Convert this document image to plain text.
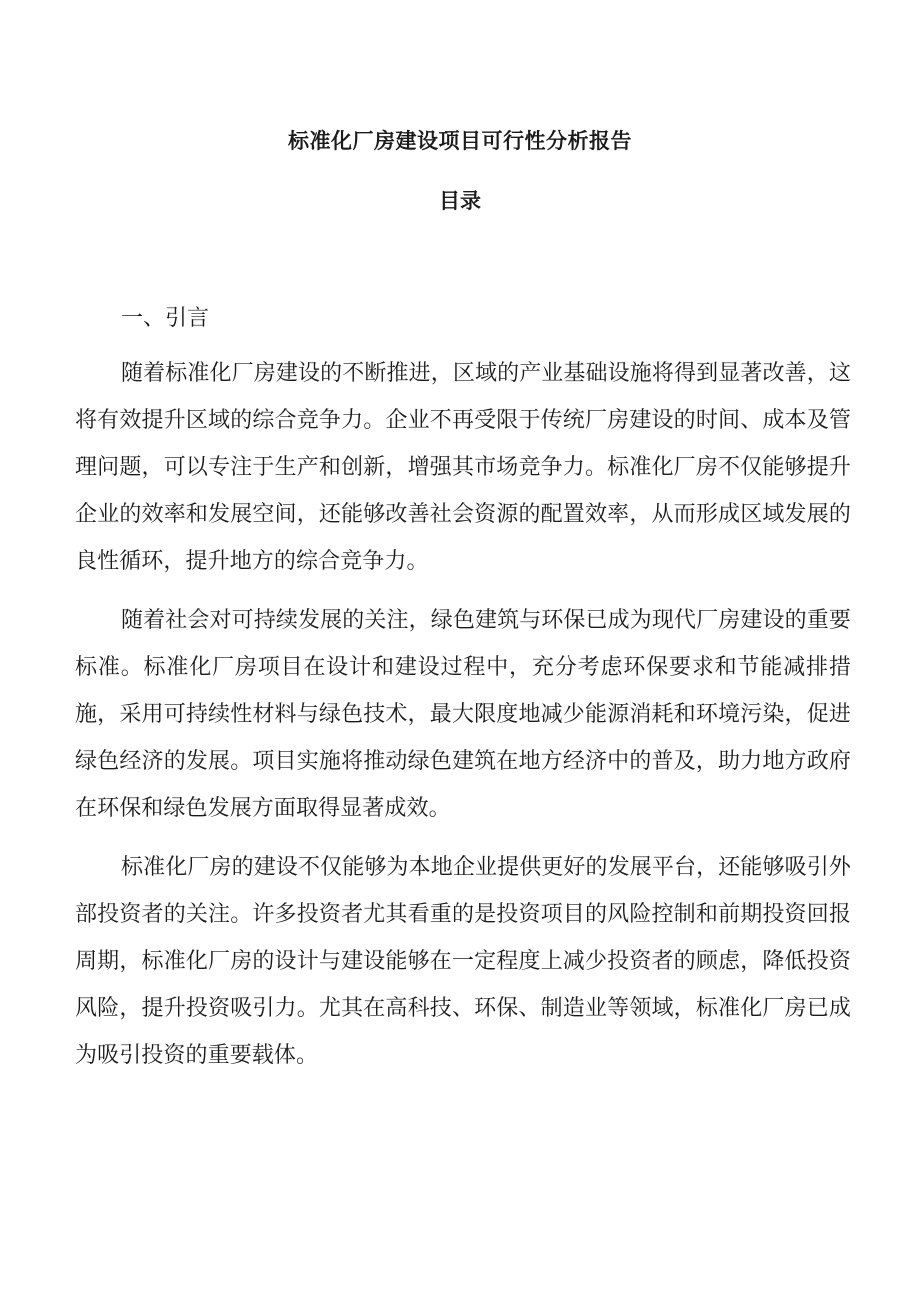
标准化厂房建设项目可行性分析报告
目录
一、引言

随着标准化厂房建设的不断推进，区域的产业基础设施将得到显著改善，这将有效提升区域的综合竞争力。企业不再受限于传统厂房建设的时间、成本及管理问题，可以专注于生产和创新，增强其市场竞争力。标准化厂房不仅能够提升企业的效率和发展空间，还能够改善社会资源的配置效率，从而形成区域发展的良性循环，提升地方的综合竞争力。

随着社会对可持续发展的关注，绿色建筑与环保已成为现代厂房建设的重要标准。标准化厂房项目在设计和建设过程中，充分考虑环保要求和节能减排措施，采用可持续性材料与绿色技术，最大限度地减少能源消耗和环境污染，促进绿色经济的发展。项目实施将推动绿色建筑在地方经济中的普及，助力地方政府在环保和绿色发展方面取得显著成效。

标准化厂房的建设不仅能够为本地企业提供更好的发展平台，还能够吸引外部投资者的关注。许多投资者尤其看重的是投资项目的风险控制和前期投资回报周期，标准化厂房的设计与建设能够在一定程度上减少投资者的顾虑，降低投资风险，提升投资吸引力。尤其在高科技、环保、制造业等领域，标准化厂房已成为吸引投资的重要载体。
